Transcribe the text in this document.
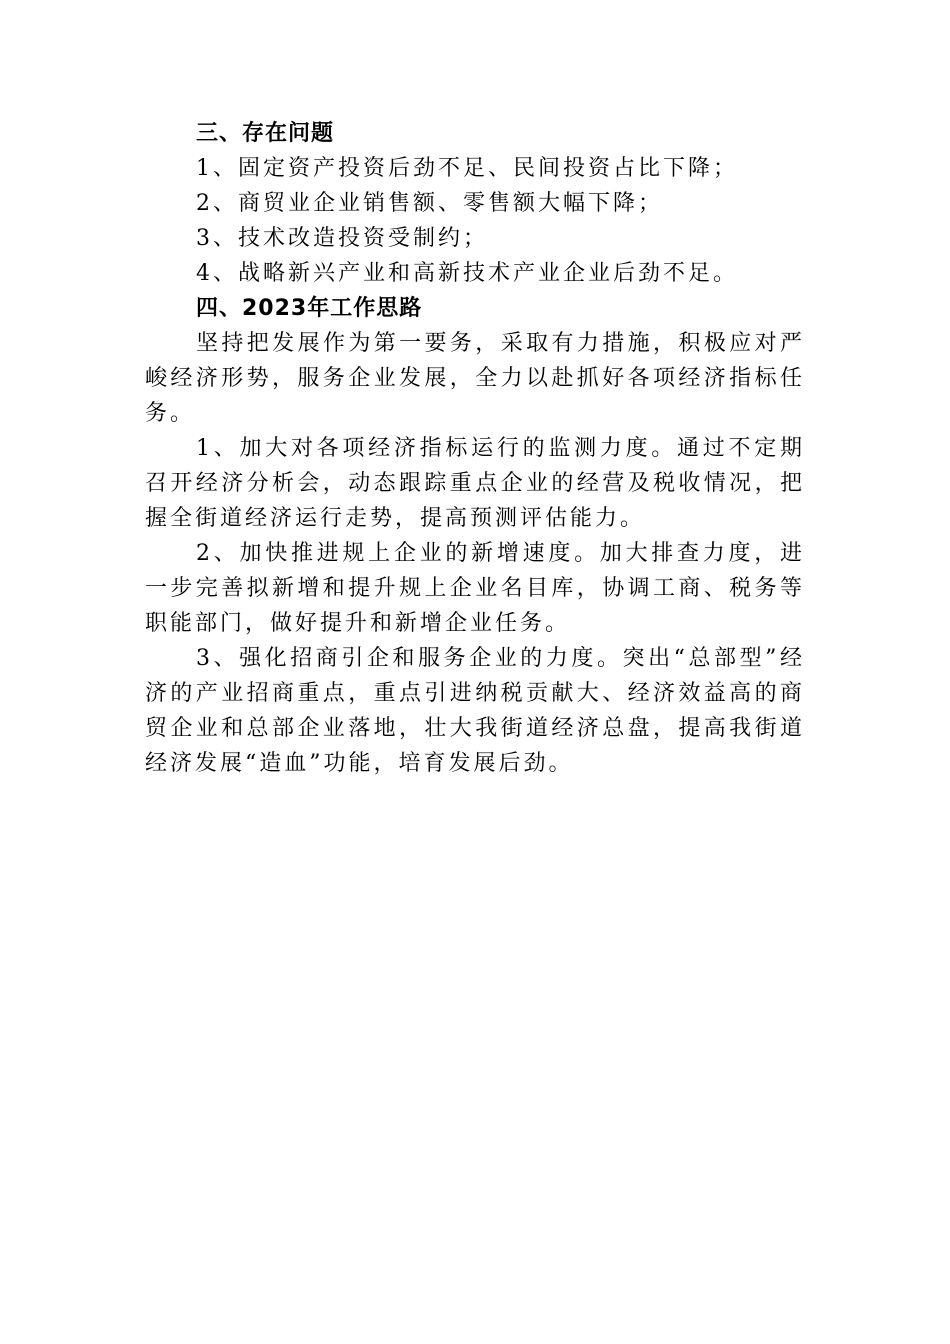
三、存在问题
1、固定资产投资后劲不足、民间投资占比下降；
2、商贸业企业销售额、零售额大幅下降；
3、技术改造投资受制约；
4、战略新兴产业和高新技术产业企业后劲不足。
四、2023年工作思路
坚持把发展作为第一要务，采取有力措施，积极应对严峻经济形势，服务企业发展，全力以赴抓好各项经济指标任务。
1、加大对各项经济指标运行的监测力度。通过不定期召开经济分析会，动态跟踪重点企业的经营及税收情况，把握全街道经济运行走势，提高预测评估能力。
2、加快推进规上企业的新增速度。加大排查力度，进一步完善拟新增和提升规上企业名目库，协调工商、税务等职能部门，做好提升和新增企业任务。
3、强化招商引企和服务企业的力度。突出“总部型”经济的产业招商重点，重点引进纳税贡献大、经济效益高的商贸企业和总部企业落地，壮大我街道经济总盘，提高我街道经济发展“造血”功能，培育发展后劲。
